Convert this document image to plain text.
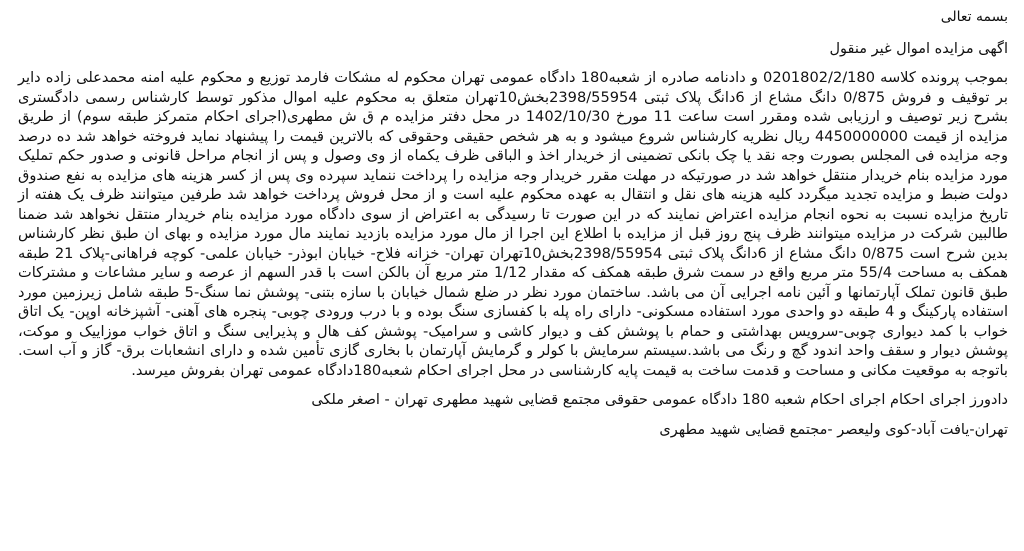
بسمه تعالی

اگهی مزایده اموال غیر منقول

بموجب پرونده کلاسه 0201802/2/180 و دادنامه صادره از شعبه180 دادگاه عمومی تهران محکوم له مشکات فارمد توزیع و محکوم علیه امنه محمدعلی زاده دایر بر توقیف و فروش 0/875 دانگ مشاع از 6دانگ پلاک ثبتی 2398/55954بخش10تهران متعلق به محکوم علیه اموال مذکور توسط کارشناس رسمی دادگستری بشرح زیر توصیف و ارزیابی شده ومقرر است ساعت 11 مورخ 1402/10/30 در محل دفتر مزایده م ق ش مطهری(اجرای احکام متمرکز طبقه سوم) از طریق مزایده از قیمت 4450000000 ریال نظریه کارشناس شروع میشود و به هر شخص حقیقی وحقوقی که بالاترین قیمت را پیشنهاد نماید فروخته خواهد شد ده درصد وجه مزایده فی المجلس بصورت وجه نقد یا چک بانکی تضمینی از خریدار اخذ و الباقی ظرف یکماه از وی وصول و پس از انجام مراحل قانونی و صدور حکم تملیک مورد مزایده بنام خریدار منتقل خواهد شد در صورتیکه در مهلت مقرر خریدار وجه مزایده را پرداخت ننماید سپرده وی پس از کسر هزینه های مزایده به نفع صندوق دولت ضبط و مزایده تجدید میگردد کلیه هزینه های نقل و انتقال به عهده محکوم علیه است و از محل فروش پرداخت خواهد شد طرفین میتوانند ظرف یک هفته از تاریخ مزایده نسبت به نحوه انجام مزایده اعتراض نمایند که در این صورت تا رسیدگی به اعتراض از سوی دادگاه مورد مزایده بنام خریدار منتقل نخواهد شد ضمنا طالبین شرکت در مزایده میتوانند ظرف پنج روز قبل از مزایده با اطلاع این اجرا از مال مورد مزایده بازدید نمایند مال مورد مزایده و بهای ان طبق نظر کارشناس بدین شرح است 0/875 دانگ مشاع از 6دانگ پلاک ثبتی 2398/55954بخش10تهران تهران- خزانه فلاح- خیابان ابوذر- خیابان علمی- کوچه فراهانی-پلاک 21 طبقه همکف به مساحت 55/4 متر مربع واقع در سمت شرق طبقه همکف که مقدار 1/12 متر مربع آن بالکن است با قدر السهم از عرصه و سایر مشاعات و مشترکات طبق قانون تملک آپارتمانها و آئین نامه اجرایی آن می باشد. ساختمان مورد نظر در ضلع شمال خیابان با سازه بتنی- پوشش نما سنگ-5 طبقه شامل زیرزمین مورد استفاده پارکینگ و 4 طبقه دو واحدی مورد استفاده مسکونی- دارای راه پله با کفسازی سنگ بوده و با درب ورودی چوبی- پنجره های آهنی- آشپزخانه اوپن- یک اتاق خواب با کمد دیواری چوبی-سرویس بهداشتی و حمام با پوشش کف و دیوار کاشی و سرامیک- پوشش کف هال و پذیرایی سنگ و اتاق خواب موزاییک و موکت، پوشش دیوار و سقف واحد اندود گچ و رنگ می باشد.سیستم سرمایش با کولر و گرمایش آپارتمان با بخاری گازی تأمین شده و دارای انشعابات برق- گاز و آب است. باتوجه به موقعیت مکانی و مساحت و قدمت ساخت به قیمت پایه کارشناسی در محل اجرای احکام شعبه180دادگاه عمومی تهران بفروش میرسد.

دادورز اجرای احکام اجرای احکام شعبه 180 دادگاه عمومی حقوقی مجتمع قضایی شهید مطهری تهران - اصغر ملکی

تهران-یافت آباد-کوی ولیعصر -مجتمع قضایی شهید مطهری
